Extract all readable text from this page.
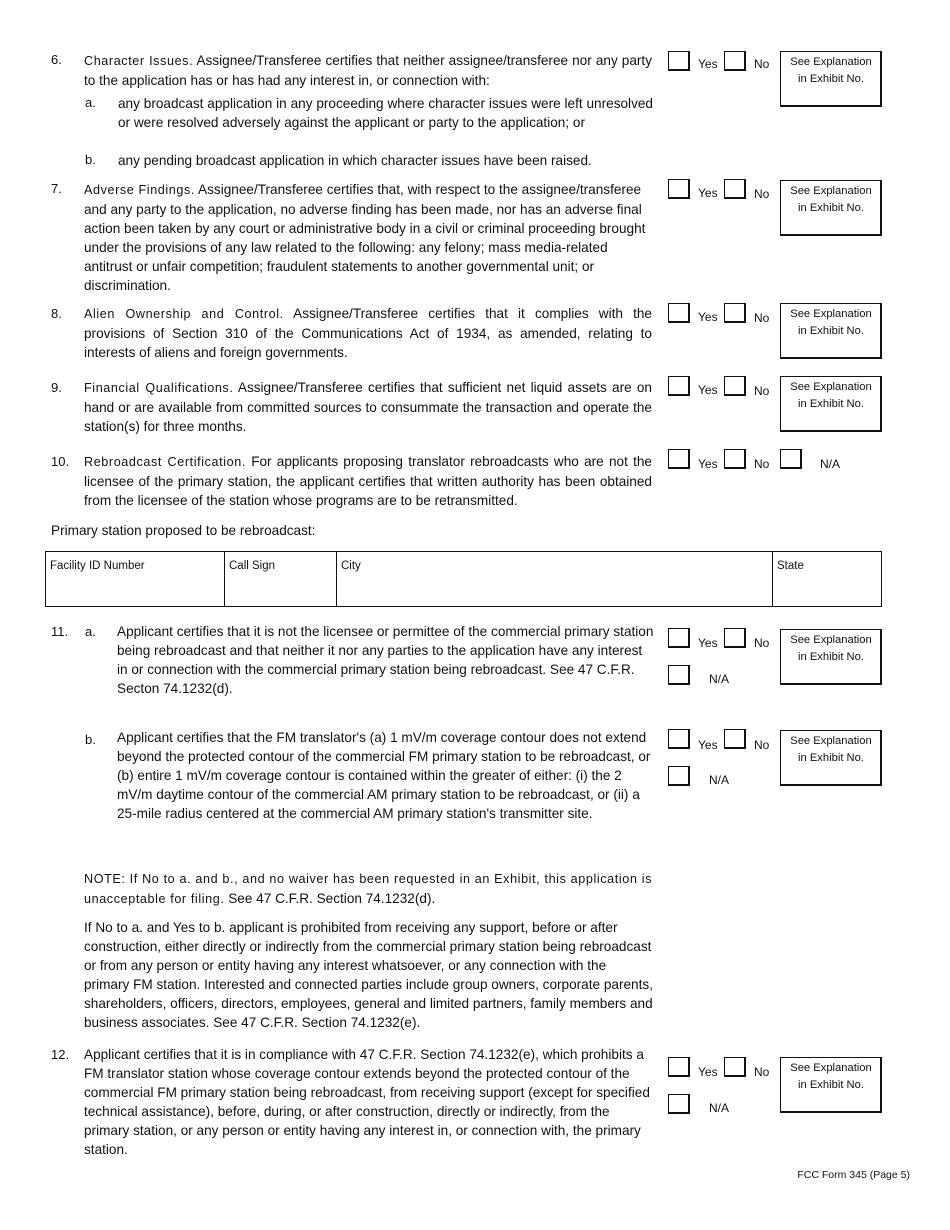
6. Character Issues. Assignee/Transferee certifies that neither assignee/transferee nor any party to the application has or has had any interest in, or connection with:
a. any broadcast application in any proceeding where character issues were left unresolved or were resolved adversely against the applicant or party to the application; or
b. any pending broadcast application in which character issues have been raised.
Yes	No	See Explanation
in Exhibit No.
7. Adverse Findings. Assignee/Transferee certifies that, with respect to the assignee/transferee and any party to the application, no adverse finding has been made, nor has an adverse final action been taken by any court or administrative body in a civil or criminal proceeding brought under the provisions of any law related to the following: any felony; mass media-related antitrust or unfair competition; fraudulent statements to another governmental unit; or discrimination.
Yes	No	See Explanation
in Exhibit No.
8. Alien Ownership and Control. Assignee/Transferee certifies that it complies with the provisions of Section 310 of the Communications Act of 1934, as amended, relating to interests of aliens and foreign governments.
Yes	No	See Explanation
in Exhibit No.
9. Financial Qualifications. Assignee/Transferee certifies that sufficient net liquid assets are on hand or are available from committed sources to consummate the transaction and operate the station(s) for three months.
Yes	No	See Explanation
in Exhibit No.
10. Rebroadcast Certification. For applicants proposing translator rebroadcasts who are not the licensee of the primary station, the applicant certifies that written authority has been obtained from the licensee of the station whose programs are to be retransmitted.
Yes	No	N/A
Primary station proposed to be rebroadcast:
Facility ID Number	Call Sign	City	State
11. a. Applicant certifies that it is not the licensee or permittee of the commercial primary station being rebroadcast and that neither it nor any parties to the application have any interest in or connection with the commercial primary station being rebroadcast. See 47 C.F.R. Secton 74.1232(d).
Yes	No
N/A
See Explanation
in Exhibit No.
b. Applicant certifies that the FM translator's (a) 1 mV/m coverage contour does not extend beyond the protected contour of the commercial FM primary station to be rebroadcast, or (b) entire 1 mV/m coverage contour is contained within the greater of either: (i) the 2 mV/m daytime contour of the commercial AM primary station to be rebroadcast, or (ii) a 25-mile radius centered at the commercial AM primary station's transmitter site.
Yes	No
N/A
See Explanation
in Exhibit No.
NOTE: If No to a. and b., and no waiver has been requested in an Exhibit, this application is unacceptable for filing. See 47 C.F.R. Section 74.1232(d).
If No to a. and Yes to b. applicant is prohibited from receiving any support, before or after construction, either directly or indirectly from the commercial primary station being rebroadcast or from any person or entity having any interest whatsoever, or any connection with the primary FM station. Interested and connected parties include group owners, corporate parents, shareholders, officers, directors, employees, general and limited partners, family members and business associates. See 47 C.F.R. Section 74.1232(e).
12. Applicant certifies that it is in compliance with 47 C.F.R. Section 74.1232(e), which prohibits a FM translator station whose coverage contour extends beyond the protected contour of the commercial FM primary station being rebroadcast, from receiving support (except for specified technical assistance), before, during, or after construction, directly or indirectly, from the primary station, or any person or entity having any interest in, or connection with, the primary station.
Yes	No
N/A
See Explanation
in Exhibit No.
FCC Form 345 (Page 5)
